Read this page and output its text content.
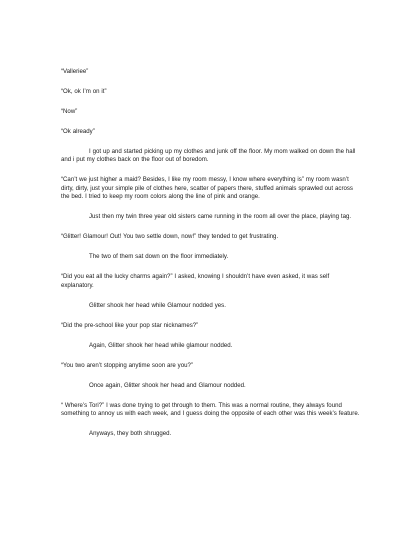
“Valleriee”

“Ok, ok I’m on it”

“Now”

“Ok already”

I got up and started picking up my clothes and junk off the floor. My mom walked on down the hall and i put my clothes back on the floor out of boredom.

“Can’t we just higher a maid? Besides, I like my room messy, I know where everything is” my room wasn’t dirty, dirty, just your simple pile of clothes here, scatter of papers there, stuffed animals sprawled out across the bed. I tried to keep my room colors along the line of pink and orange.

Just then my twin three year old sisters came running in the room all over the place, playing tag.

“Glitter! Glamour! Out! You two settle down, now!” they tended to get frustrating.

The two of them sat down on the floor immediately.

“Did you eat all the lucky charms again?” I asked, knowing I shouldn’t have even asked, it was self explanatory.

Glitter shook her head while Glamour nodded yes.

“Did the pre-school like your pop star nicknames?”

Again, Glitter shook her head while glamour nodded.

“You two aren’t stopping anytime soon are you?”

Once again, Glitter shook her head and Glamour nodded.

“ Where’s Tori?” I was done trying to get through to them. This was a normal routine, they always found something to annoy us with each week, and I guess doing the opposite of each other was this week’s feature.

Anyways, they both shrugged.
